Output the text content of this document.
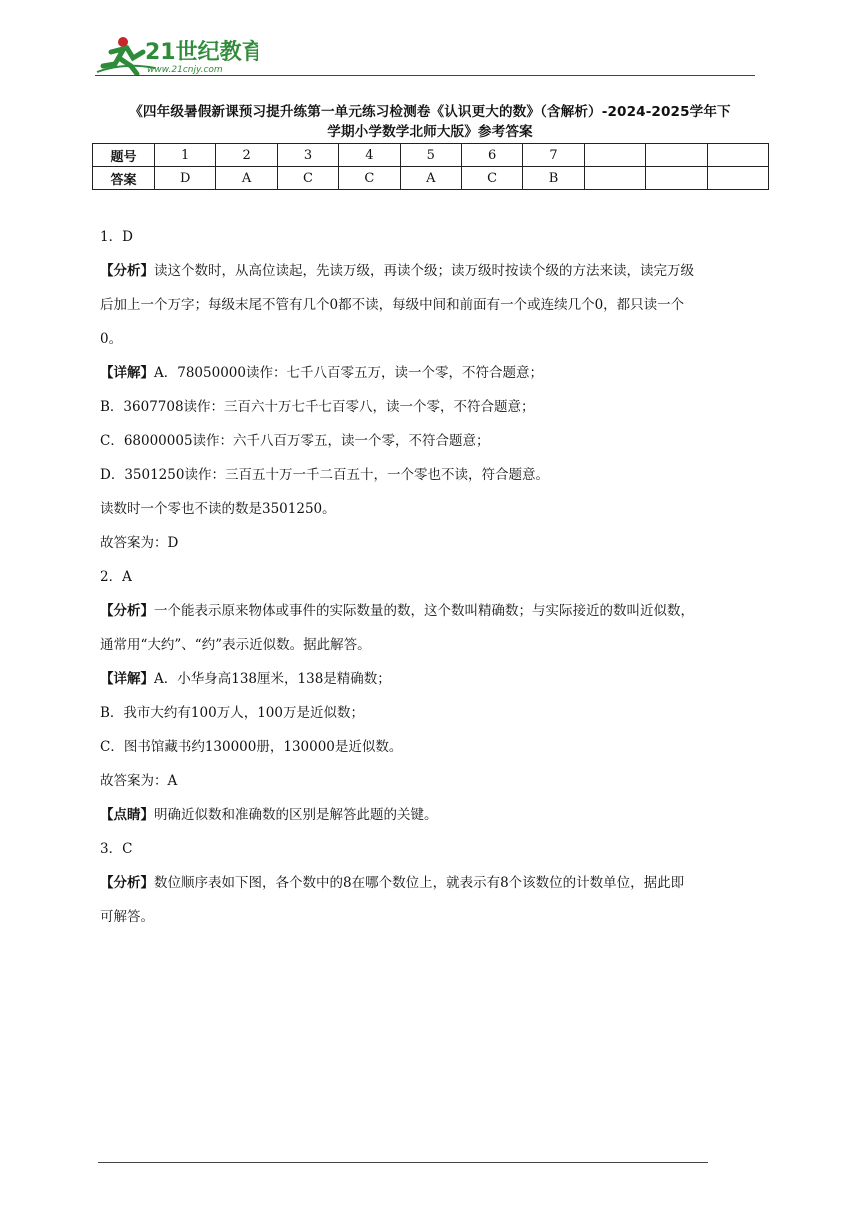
21世纪教育
www.21cnjy.com
《四年级暑假新课预习提升练第一单元练习检测卷《认识更大的数》（含解析）-2024-2025学年下
学期小学数学北师大版》参考答案
题号	1	2	3	4	5	6	7			
答案	D	A	C	C	A	C	B			

1．D

【分析】读这个数时，从高位读起，先读万级，再读个级；读万级时按读个级的方法来读，读完万级

后加上一个万字；每级末尾不管有几个0都不读，每级中间和前面有一个或连续几个0，都只读一个

0。

【详解】A．78050000读作：七千八百零五万，读一个零，不符合题意；

B．3607708读作：三百六十万七千七百零八，读一个零，不符合题意；

C．68000005读作：六千八百万零五，读一个零，不符合题意；

D．3501250读作：三百五十万一千二百五十，一个零也不读，符合题意。

读数时一个零也不读的数是3501250。

故答案为：D

2．A

【分析】一个能表示原来物体或事件的实际数量的数，这个数叫精确数；与实际接近的数叫近似数，

通常用“大约”、“约”表示近似数。据此解答。

【详解】A．小华身高138厘米，138是精确数；

B．我市大约有100万人，100万是近似数；

C．图书馆藏书约130000册，130000是近似数。

故答案为：A

【点睛】明确近似数和准确数的区别是解答此题的关键。

3．C

【分析】数位顺序表如下图，各个数中的8在哪个数位上，就表示有8个该数位的计数单位，据此即

可解答。
